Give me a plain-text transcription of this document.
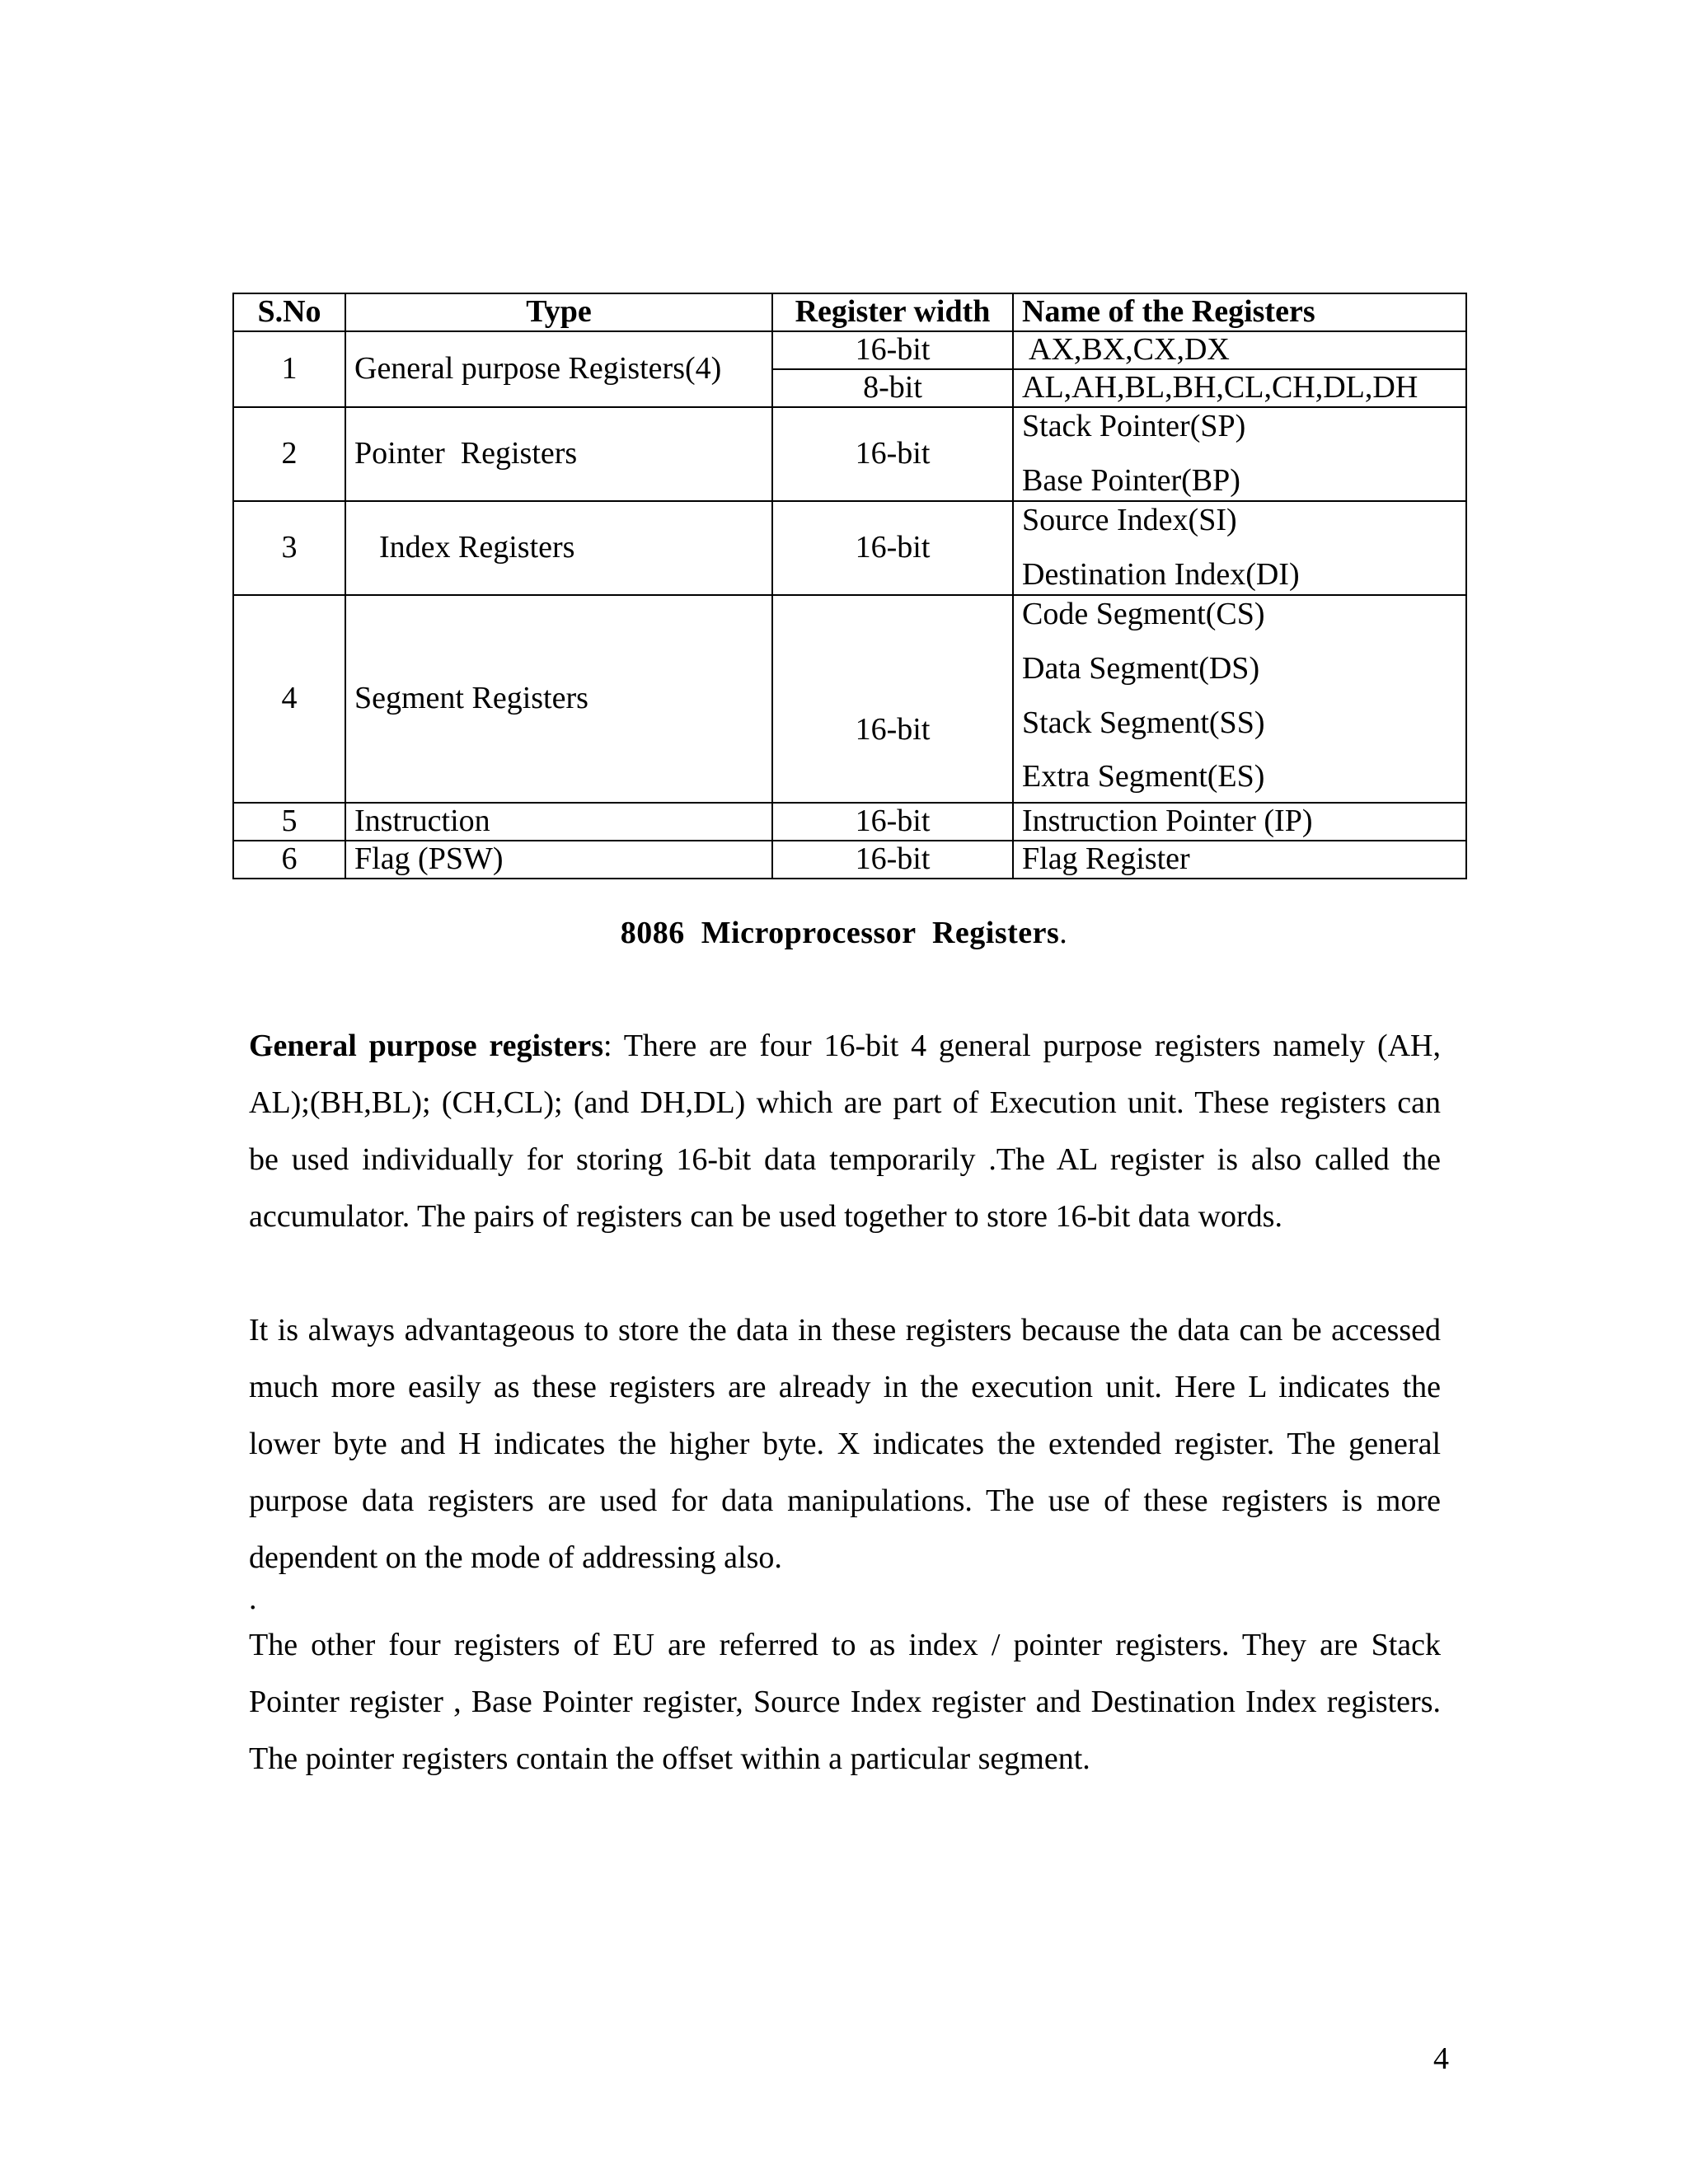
S.No	Type	Register width	Name of the Registers
1	General purpose Registers(4)	16-bit	AX,BX,CX,DX
		8-bit	AL,AH,BL,BH,CL,CH,DL,DH
2	Pointer  Registers	16-bit	Stack Pointer(SP)
Base Pointer(BP)

3	Index Registers	16-bit	Source Index(SI)
Destination Index(DI)

4	Segment Registers	16-bit	Code Segment(CS)
Data Segment(DS)
Stack Segment(SS)
Extra Segment(ES)

5	Instruction	16-bit	Instruction Pointer (IP)
6	Flag (PSW)	16-bit	Flag Register
8086  Microprocessor  Registers.

General purpose registers: There are four 16-bit 4 general purpose registers namely (AH, AL);(BH,BL); (CH,CL); (and DH,DL) which are part of Execution unit. These registers can be used individually for storing 16-bit data temporarily .The AL register is also called the accumulator. The pairs of registers can be used together to store 16-bit data words.

It is always advantageous to store the data in these registers because the data can be accessed much more easily as these registers are already in the execution unit. Here L indicates the lower byte and H indicates the higher byte. X indicates the extended register. The general purpose data registers are used for data manipulations. The use of these registers is more dependent on the mode of addressing also.

.

The other four registers of EU are referred to as index / pointer registers. They are Stack Pointer register , Base Pointer register, Source Index register and Destination Index registers. The pointer registers contain the offset within a particular segment.

4
